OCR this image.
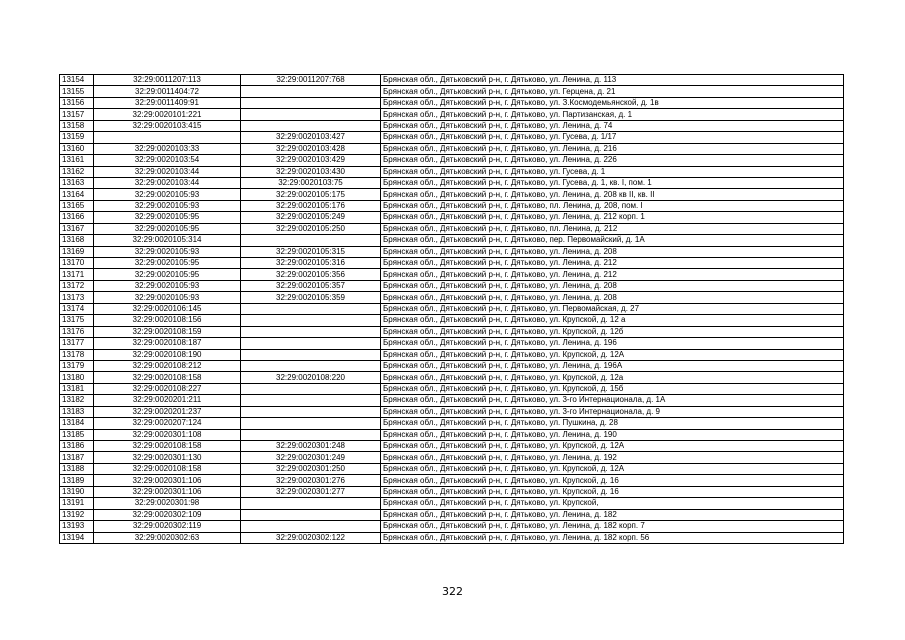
13154	32:29:0011207:113	32:29:0011207:768	Брянская обл., Дятьковский р-н, г. Дятьково, ул. Ленина, д. 113
13155	32:29:0011404:72		Брянская обл., Дятьковский р-н, г. Дятьково, ул. Герцена, д. 21
13156	32:29:0011409:91		Брянская обл., Дятьковский р-н, г. Дятьково, ул. З.Космодемьянской, д. 1в
13157	32:29:0020101:221		Брянская обл., Дятьковский р-н, г. Дятьково, ул. Партизанская, д. 1
13158	32:29:0020103:415		Брянская обл., Дятьковский р-н, г. Дятьково, ул. Ленина, д. 74
13159		32:29:0020103:427	Брянская обл., Дятьковский р-н, г. Дятьково, ул. Гусева, д. 1/17
13160	32:29:0020103:33	32:29:0020103:428	Брянская обл., Дятьковский р-н, г. Дятьково, ул. Ленина, д. 216
13161	32:29:0020103:54	32:29:0020103:429	Брянская обл., Дятьковский р-н, г. Дятьково, ул. Ленина, д. 226
13162	32:29:0020103:44	32:29:0020103:430	Брянская обл., Дятьковский р-н, г. Дятьково, ул. Гусева, д. 1
13163	32:29:0020103:44	32:29:0020103:75	Брянская обл., Дятьковский р-н, г. Дятьково, ул. Гусева, д. 1, кв. I, пом. 1
13164	32:29:0020105:93	32:29:0020105:175	Брянская обл., Дятьковский р-н, г. Дятьково, ул. Ленина, д. 208 кв II, кв. II
13165	32:29:0020105:93	32:29:0020105:176	Брянская обл., Дятьковский р-н, г. Дятьково, пл. Ленина, д. 208, пом. I
13166	32:29:0020105:95	32:29:0020105:249	Брянская обл., Дятьковский р-н, г. Дятьково, ул. Ленина, д. 212 корп. 1
13167	32:29:0020105:95	32:29:0020105:250	Брянская обл., Дятьковский р-н, г. Дятьково, пл. Ленина, д. 212
13168	32:29:0020105:314		Брянская обл., Дятьковский р-н, г. Дятьково, пер. Первомайский, д. 1А
13169	32:29:0020105:93	32:29:0020105:315	Брянская обл., Дятьковский р-н, г. Дятьково, ул. Ленина, д. 208
13170	32:29:0020105:95	32:29:0020105:316	Брянская обл., Дятьковский р-н, г. Дятьково, ул. Ленина, д. 212
13171	32:29:0020105:95	32:29:0020105:356	Брянская обл., Дятьковский р-н, г. Дятьково, ул. Ленина, д. 212
13172	32:29:0020105:93	32:29:0020105:357	Брянская обл., Дятьковский р-н, г. Дятьково, ул. Ленина, д. 208
13173	32:29:0020105:93	32:29:0020105:359	Брянская обл., Дятьковский р-н, г. Дятьково, ул. Ленина, д. 208
13174	32:29:0020106:145		Брянская обл., Дятьковский р-н, г. Дятьково, ул. Первомайская, д. 27
13175	32:29:0020108:156		Брянская обл., Дятьковский р-н, г. Дятьково, ул. Крупской, д. 12 а
13176	32:29:0020108:159		Брянская обл., Дятьковский р-н, г. Дятьково, ул. Крупской, д. 12б
13177	32:29:0020108:187		Брянская обл., Дятьковский р-н, г. Дятьково, ул. Ленина, д. 196
13178	32:29:0020108:190		Брянская обл., Дятьковский р-н, г. Дятьково, ул. Крупской, д. 12А
13179	32:29:0020108:212		Брянская обл., Дятьковский р-н, г. Дятьково, ул. Ленина, д. 196А
13180	32:29:0020108:158	32:29:0020108:220	Брянская обл., Дятьковский р-н, г. Дятьково, ул. Крупской, д. 12а
13181	32:29:0020108:227		Брянская обл., Дятьковский р-н, г. Дятьково, ул. Крупской, д. 15б
13182	32:29:0020201:211		Брянская обл., Дятьковский р-н, г. Дятьково, ул. 3-го Интернационала, д. 1А
13183	32:29:0020201:237		Брянская обл., Дятьковский р-н, г. Дятьково, ул. 3-го Интернационала, д. 9
13184	32:29:0020207:124		Брянская обл., Дятьковский р-н, г. Дятьково, ул. Пушкина, д. 28
13185	32:29:0020301:108		Брянская обл., Дятьковский р-н, г. Дятьково, ул. Ленина, д. 190
13186	32:29:0020108:158	32:29:0020301:248	Брянская обл., Дятьковский р-н, г. Дятьково, ул. Крупской, д. 12А
13187	32:29:0020301:130	32:29:0020301:249	Брянская обл., Дятьковский р-н, г. Дятьково, ул. Ленина, д. 192
13188	32:29:0020108:158	32:29:0020301:250	Брянская обл., Дятьковский р-н, г. Дятьково, ул. Крупской, д. 12А
13189	32:29:0020301:106	32:29:0020301:276	Брянская обл., Дятьковский р-н, г. Дятьково, ул. Крупской, д. 16
13190	32:29:0020301:106	32:29:0020301:277	Брянская обл., Дятьковский р-н, г. Дятьково, ул. Крупской, д. 16
13191	32:29:0020301:98		Брянская обл., Дятьковский р-н, г. Дятьково, ул. Крупской,
13192	32:29:0020302:109		Брянская обл., Дятьковский р-н, г. Дятьково, ул. Ленина, д. 182
13193	32:29:0020302:119		Брянская обл., Дятьковский р-н, г. Дятьково, ул. Ленина, д. 182 корп. 7
13194	32:29:0020302:63	32:29:0020302:122	Брянская обл., Дятьковский р-н, г. Дятьково, ул. Ленина, д. 182 корп. 56
322
